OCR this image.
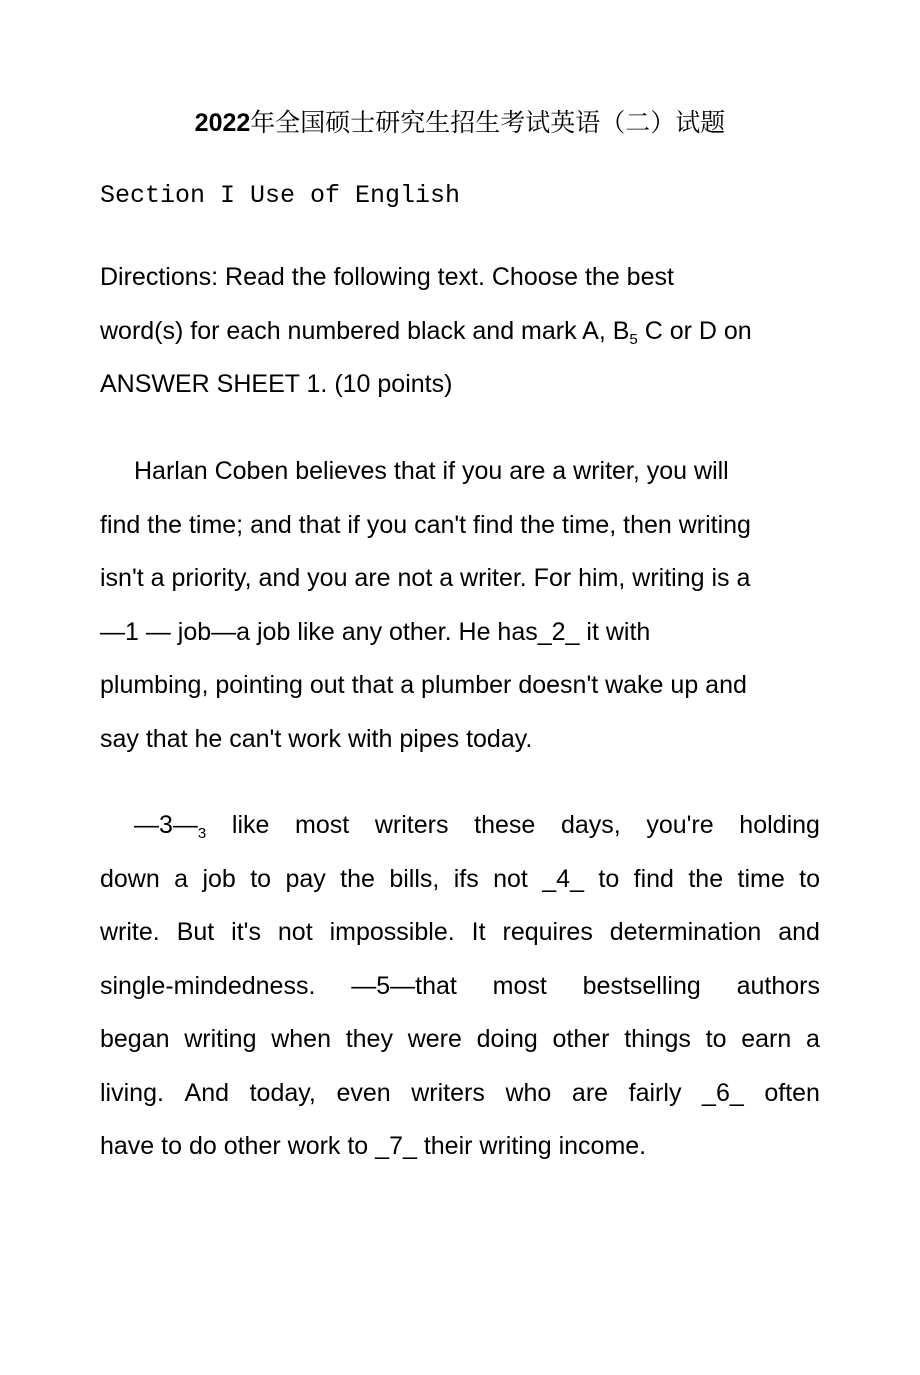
2022年全国硕士研究生招生考试英语（二）试题
Section I Use of English
Directions: Read the following text. Choose the best
word(s) for each numbered black and mark A, $B_5$ C or D on
ANSWER SHEET 1. (10 points)
Harlan Coben believes that if you are a writer, you will
find the time; and that if you can't find the time, then writing
isn't a priority, and you are not a writer. For him, writing is a
—1 — job—a job like any other. He has_2_ it with
plumbing, pointing out that a plumber doesn't wake up and
say that he can't work with pipes today.
$—3—_3$ like most writers these days, you're holding
down a job to pay the bills, ifs not _4_ to find the time to
write. But it's not impossible. It requires determination and
single-mindedness. —5—that most bestselling authors
began writing when they were doing other things to earn a
living. And today, even writers who are fairly _6_ often
have to do other work to _7_ their writing income.
